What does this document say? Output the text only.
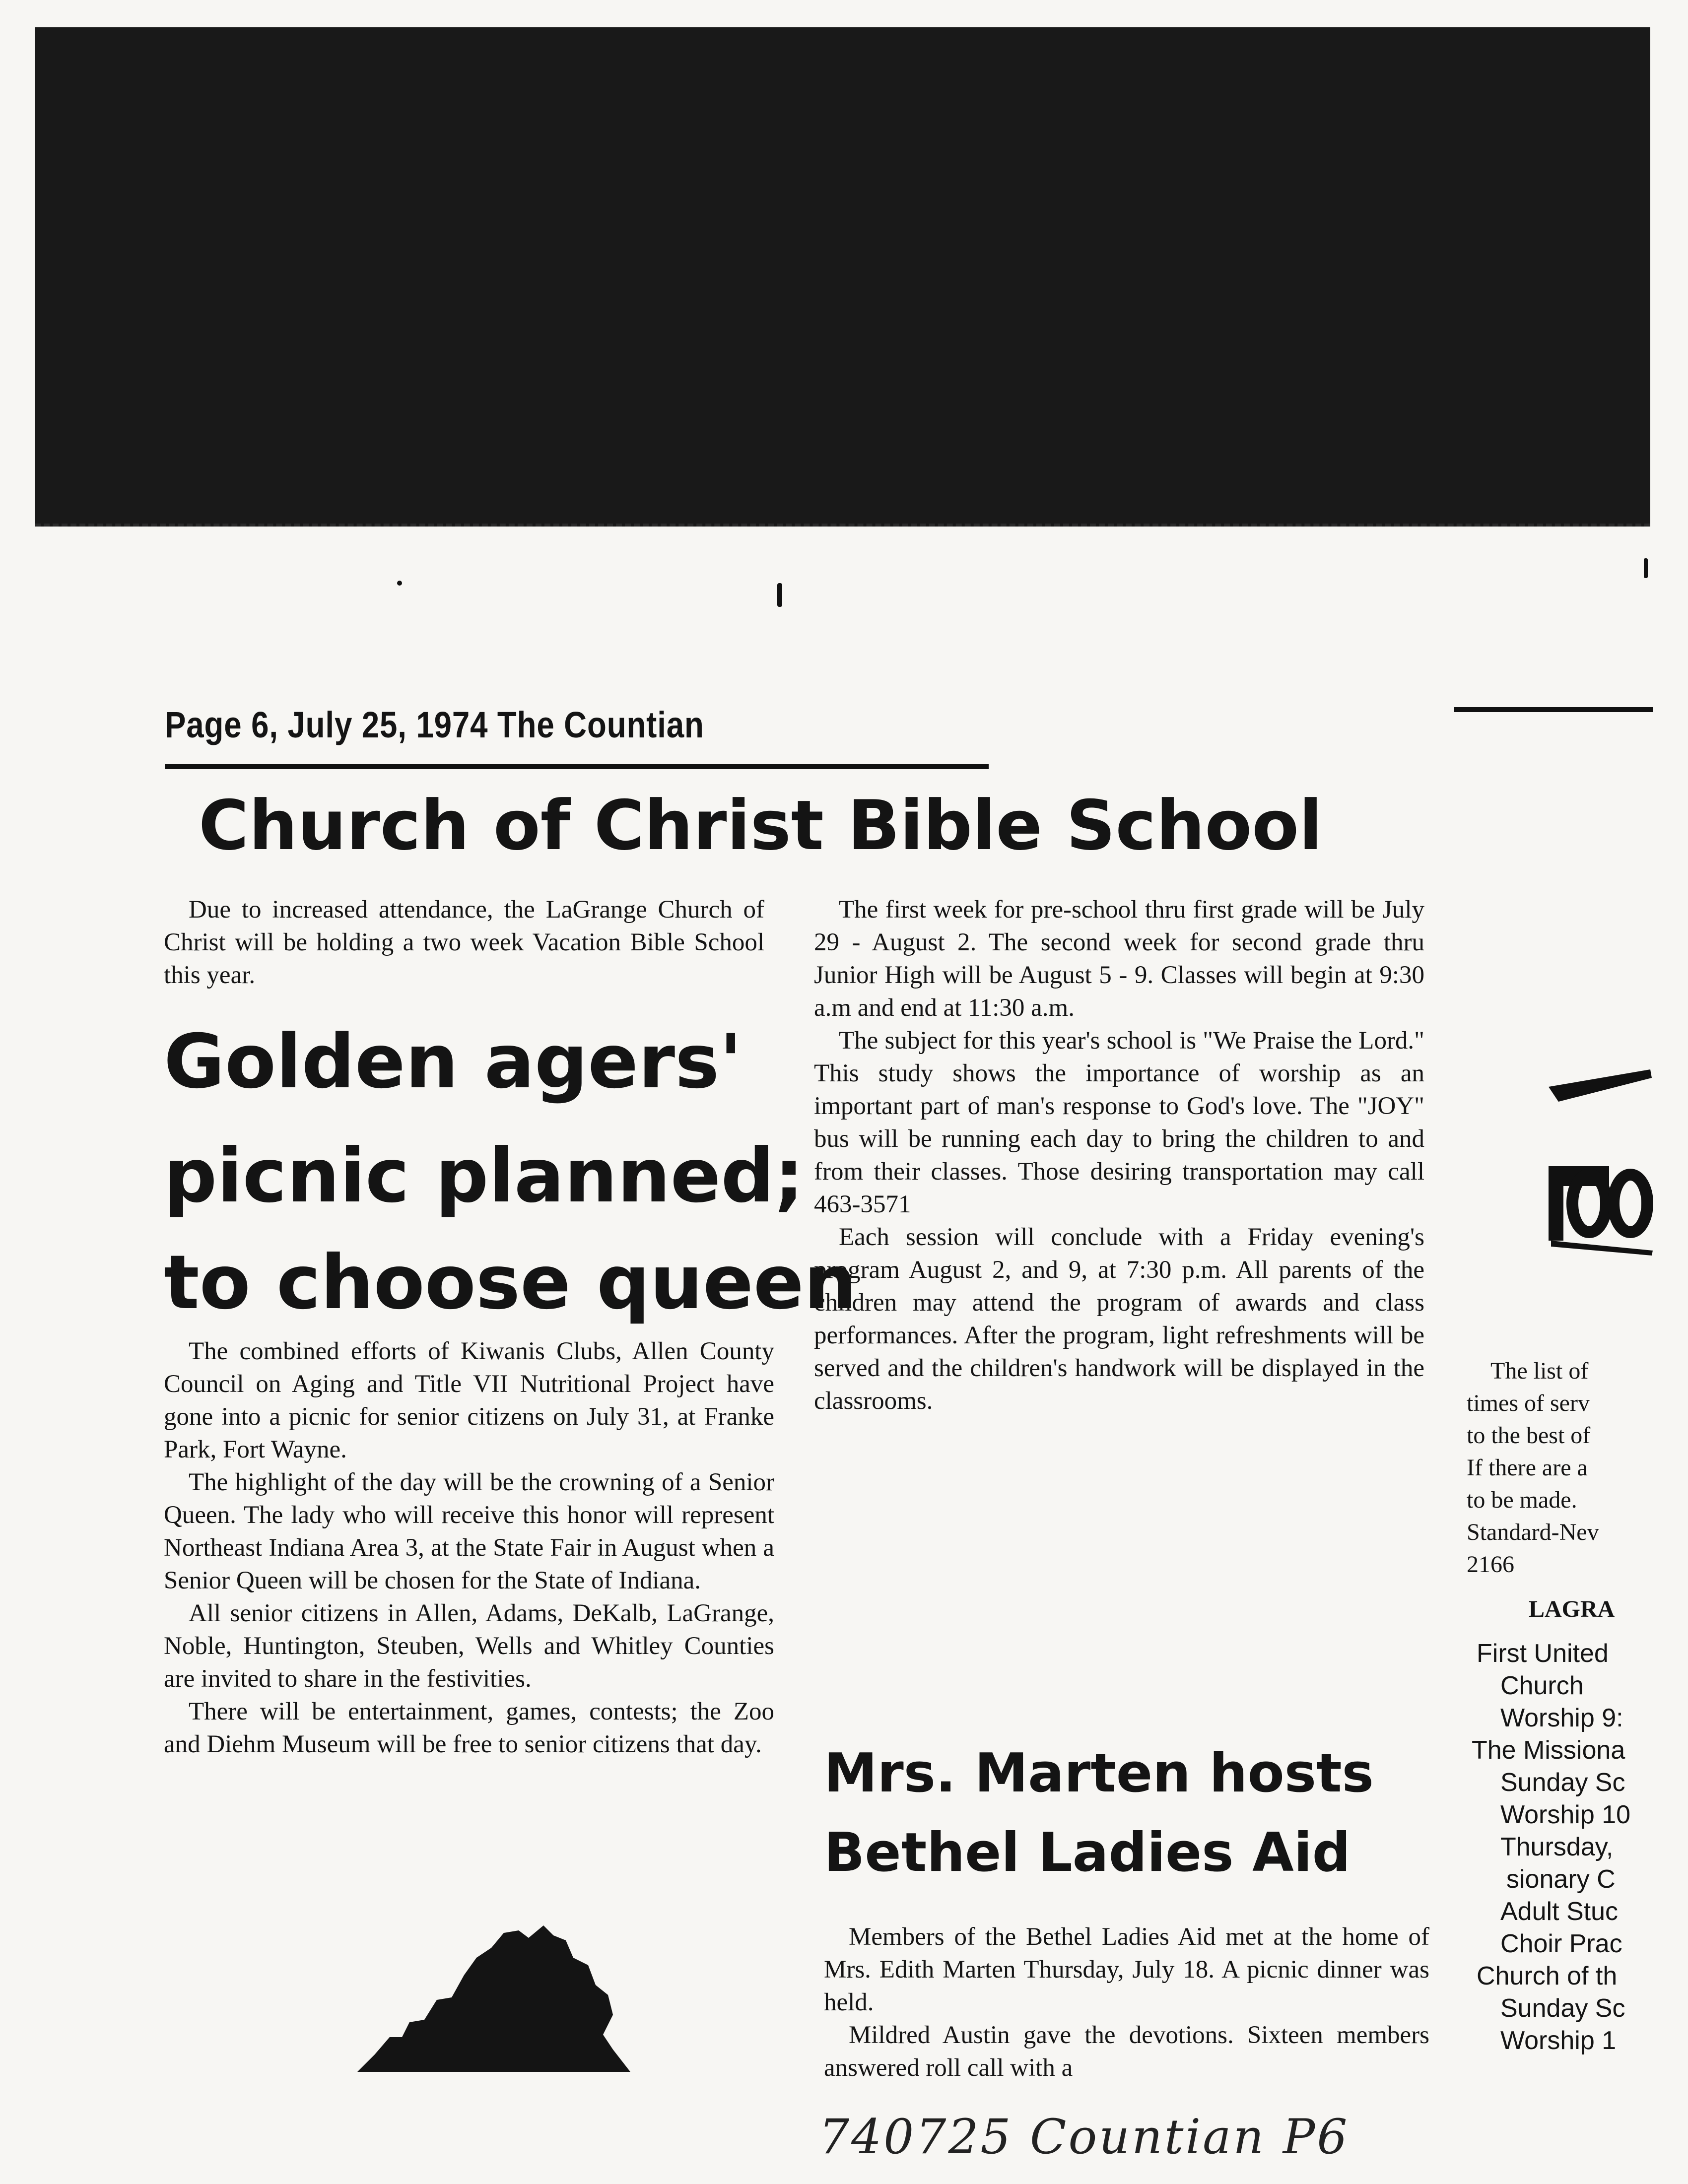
Page 6, July 25, 1974 The Countian
Church of Christ Bible School
Golden agers'
picnic planned;
to choose queen

Due to increased attendance, the LaGrange Church of Christ will be holding a two week Vacation Bible School this year.

The combined efforts of Kiwanis Clubs, Allen County Council on Aging and Title VII Nutritional Project have gone into a picnic for senior citizens on July 31, at Franke Park, Fort Wayne.

The highlight of the day will be the crowning of a Senior Queen. The lady who will receive this honor will represent Northeast Indiana Area 3, at the State Fair in August when a Senior Queen will be chosen for the State of Indiana.

All senior citizens in Allen, Adams, DeKalb, LaGrange, Noble, Huntington, Steuben, Wells and Whitley Counties are invited to share in the festivities.

There will be entertainment, games, contests; the Zoo and Diehm Museum will be free to senior citizens that day.

The first week for pre-school thru first grade will be July 29 - August 2. The second week for second grade thru Junior High will be August 5 - 9. Classes will begin at 9:30 a.m and end at 11:30 a.m.

The subject for this year's school is "We Praise the Lord." This study shows the importance of worship as an important part of man's response to God's love. The "JOY" bus will be running each day to bring the children to and from their classes. Those desiring transportation may call 463-3571

Each session will conclude with a Friday evening's program August 2, and 9, at 7:30 p.m. All parents of the children may attend the program of awards and class performances. After the program, light refreshments will be served and the children's handwork will be displayed in the classrooms.

Mrs. Marten hosts
Bethel Ladies Aid

Members of the Bethel Ladies Aid met at the home of Mrs. Edith Marten Thursday, July 18. A picnic dinner was held.

Mildred Austin gave the devotions. Sixteen members answered roll call with a

The list of
times of serv
to the best of
If there are a
to be made.
Standard-Nev
2166
LAGRA
First United
Church
Worship 9:
The Missiona
Sunday Sc
Worship 10
Thursday,
sionary C
Adult Stuc
Choir Prac
Church of th
Sunday Sc
Worship 1
740725 Countian P6
